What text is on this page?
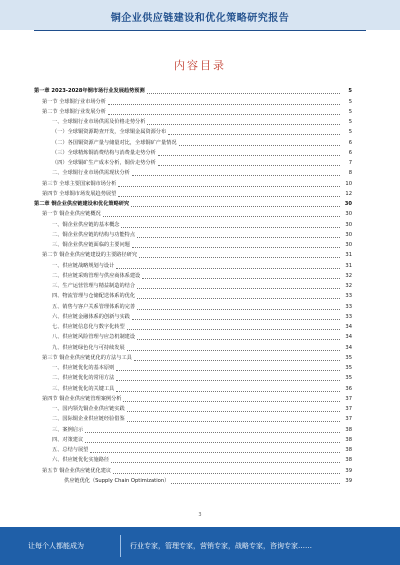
铜企业供应链建设和优化策略研究报告
内容目录
第一章 2023-2028年铜市场行业发展趋势预测	5
第一节 全球铜行业市场分析	5
第二节 全球铜行业发展分析	5
一、全球铜行业市场供需及价格走势分析	5
（一）全球铜资源勘查开发，全球铜金属资源分布	5
（二）各国铜资源产量与储量对比，全球铜矿产量情况	6
（三）全球精炼铜消费结构与消费量走势分析	6
（四）全球铜矿生产成本分析，铜价走势分析	7
二、全球铜行业市场供需现状分析	8
第三节 全球主要国家铜市场分析	10
第四节 全球铜市场发展趋势展望	12
第二章 铜企业供应链建设和优化策略研究	30
第一节 铜企业供应链概况	30
一、铜企业供应链的基本概念	30
二、铜企业供应链的结构与功能特点	30
三、铜企业供应链面临的主要问题	30
第二节 铜企业供应链建设的主要路径研究	31
一、供应链战略规划与设计	31
二、供应链采购管理与供应商体系建设	32
三、生产运营管理与精益制造的结合	32
四、物流管理与仓储配送体系的优化	33
五、销售与客户关系管理体系的完善	33
六、供应链金融体系的创新与实践	33
七、供应链信息化与数字化转型	34
八、供应链风险管理与应急机制建设	34
九、供应链绿色化与可持续发展	34
第三节 铜企业供应链优化的方法与工具	35
一、供应链优化的基本原则	35
二、供应链优化的常用方法	35
三、供应链优化的关键工具	36
第四节 铜企业供应链管理案例分析	37
一、国内领先铜企业供应链实践	37
二、国际铜企业供应链经验借鉴	37
三、案例启示	38
四、对策建议	38
五、总结与展望	38
六、供应链优化实施路径	38
第五节 铜企业供应链优化建议	39
供应链优化（Supply Chain Optimization）	39
3
让每个人都能成为	行业专家，管理专家，营销专家，战略专家，咨询专家……
